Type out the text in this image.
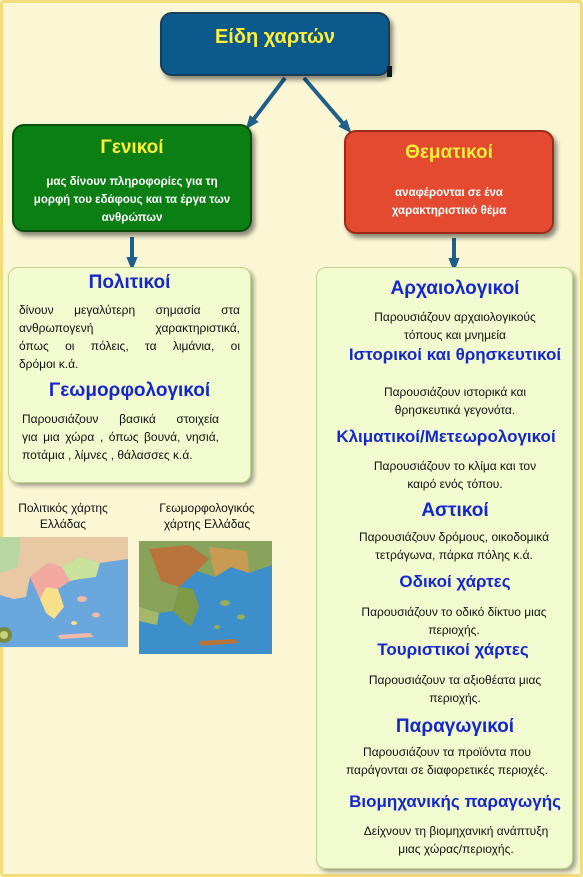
Είδη χαρτών
Γενικοί
μας δίνουν πληροφορίες για τη
μορφή του εδάφους και τα έργα των
ανθρώπων
Θεματικοί
αναφέρονται σε ένα
χαρακτηριστικό θέμα
Πολιτικοί
δίνουν μεγαλύτερη σημασία στα
ανθρωπογενή χαρακτηριστικά,
όπως οι πόλεις, τα λιμάνια, οι
δρόμοι κ.ά.
Γεωμορφολογικοί
Παρουσιάζουν βασικά στοιχεία
για μια χώρα , όπως βουνά, νησιά,
ποτάμια , λίμνες , θάλασσες κ.ά.
Πολιτικός χάρτης
Ελλάδας
Γεωμορφολογικός
χάρτης Ελλάδας
Αρχαιολογικοί
Παρουσιάζουν αρχαιολογικούς
τόπους και μνημεία
Ιστορικοί και θρησκευτικοί
Παρουσιάζουν ιστορικά και
θρησκευτικά γεγονότα.
Κλιματικοί/Μετεωρολογικοί
Παρουσιάζουν το κλίμα και τον
καιρό ενός τόπου.
Αστικοί
Παρουσιάζουν δρόμους, οικοδομικά
τετράγωνα, πάρκα πόλης κ.ά.
Οδικοί χάρτες
Παρουσιάζουν το οδικό δίκτυο μιας
περιοχής.
Τουριστικοί χάρτες
Παρουσιάζουν τα αξιοθέατα μιας
περιοχής.
Παραγωγικοί
Παρουσιάζουν τα προϊόντα που
παράγονται σε διαφορετικές περιοχές.
Βιομηχανικής παραγωγής
Δείχνουν τη βιομηχανική ανάπτυξη
μιας χώρας/περιοχής.
